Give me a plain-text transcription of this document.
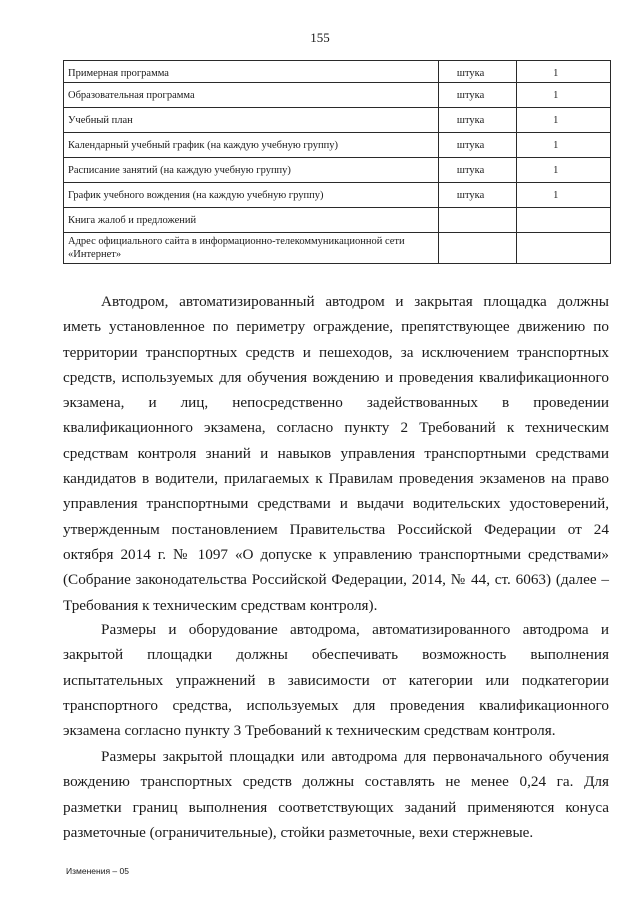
155
Примерная программа	штука	1

Образовательная программа	штука	1

Учебный план	штука	1

Календарный учебный график (на каждую учебную группу)	штука	1

Расписание занятий (на каждую учебную группу)	штука	1

График учебного вождения (на каждую учебную группу)	штука	1

Книга жалоб и предложений		

Адрес официального сайта в информационно-телекоммуникационной сети «Интернет»		

Автодром, автоматизированный автодром и закрытая площадка должны иметь установленное по периметру ограждение, препятствующее движению по территории транспортных средств и пешеходов, за исключением транспортных средств, используемых для обучения вождению и проведения квалификационного экзамена, и лиц, непосредственно задействованных в проведении квалификационного экзамена, согласно пункту 2 Требований к техническим средствам контроля знаний и навыков управления транспортными средствами кандидатов в водители, прилагаемых к Правилам проведения экзаменов на право управления транспортными средствами и выдачи водительских удостоверений, утвержденным постановлением Правительства Российской Федерации от 24 октября 2014 г. № 1097 «О допуске к управлению транспортными средствами» (Собрание законодательства Российской Федерации, 2014, № 44, ст. 6063) (далее – Требования к техническим средствам контроля).

Размеры и оборудование автодрома, автоматизированного автодрома и закрытой площадки должны обеспечивать возможность выполнения испытательных упражнений в зависимости от категории или подкатегории транспортного средства, используемых для проведения квалификационного экзамена согласно пункту 3 Требований к техническим средствам контроля.

Размеры закрытой площадки или автодрома для первоначального обучения вождению транспортных средств должны составлять не менее 0,24 га. Для разметки границ выполнения соответствующих заданий применяются конуса разметочные (ограничительные), стойки разметочные, вехи стержневые.

Изменения – 05
